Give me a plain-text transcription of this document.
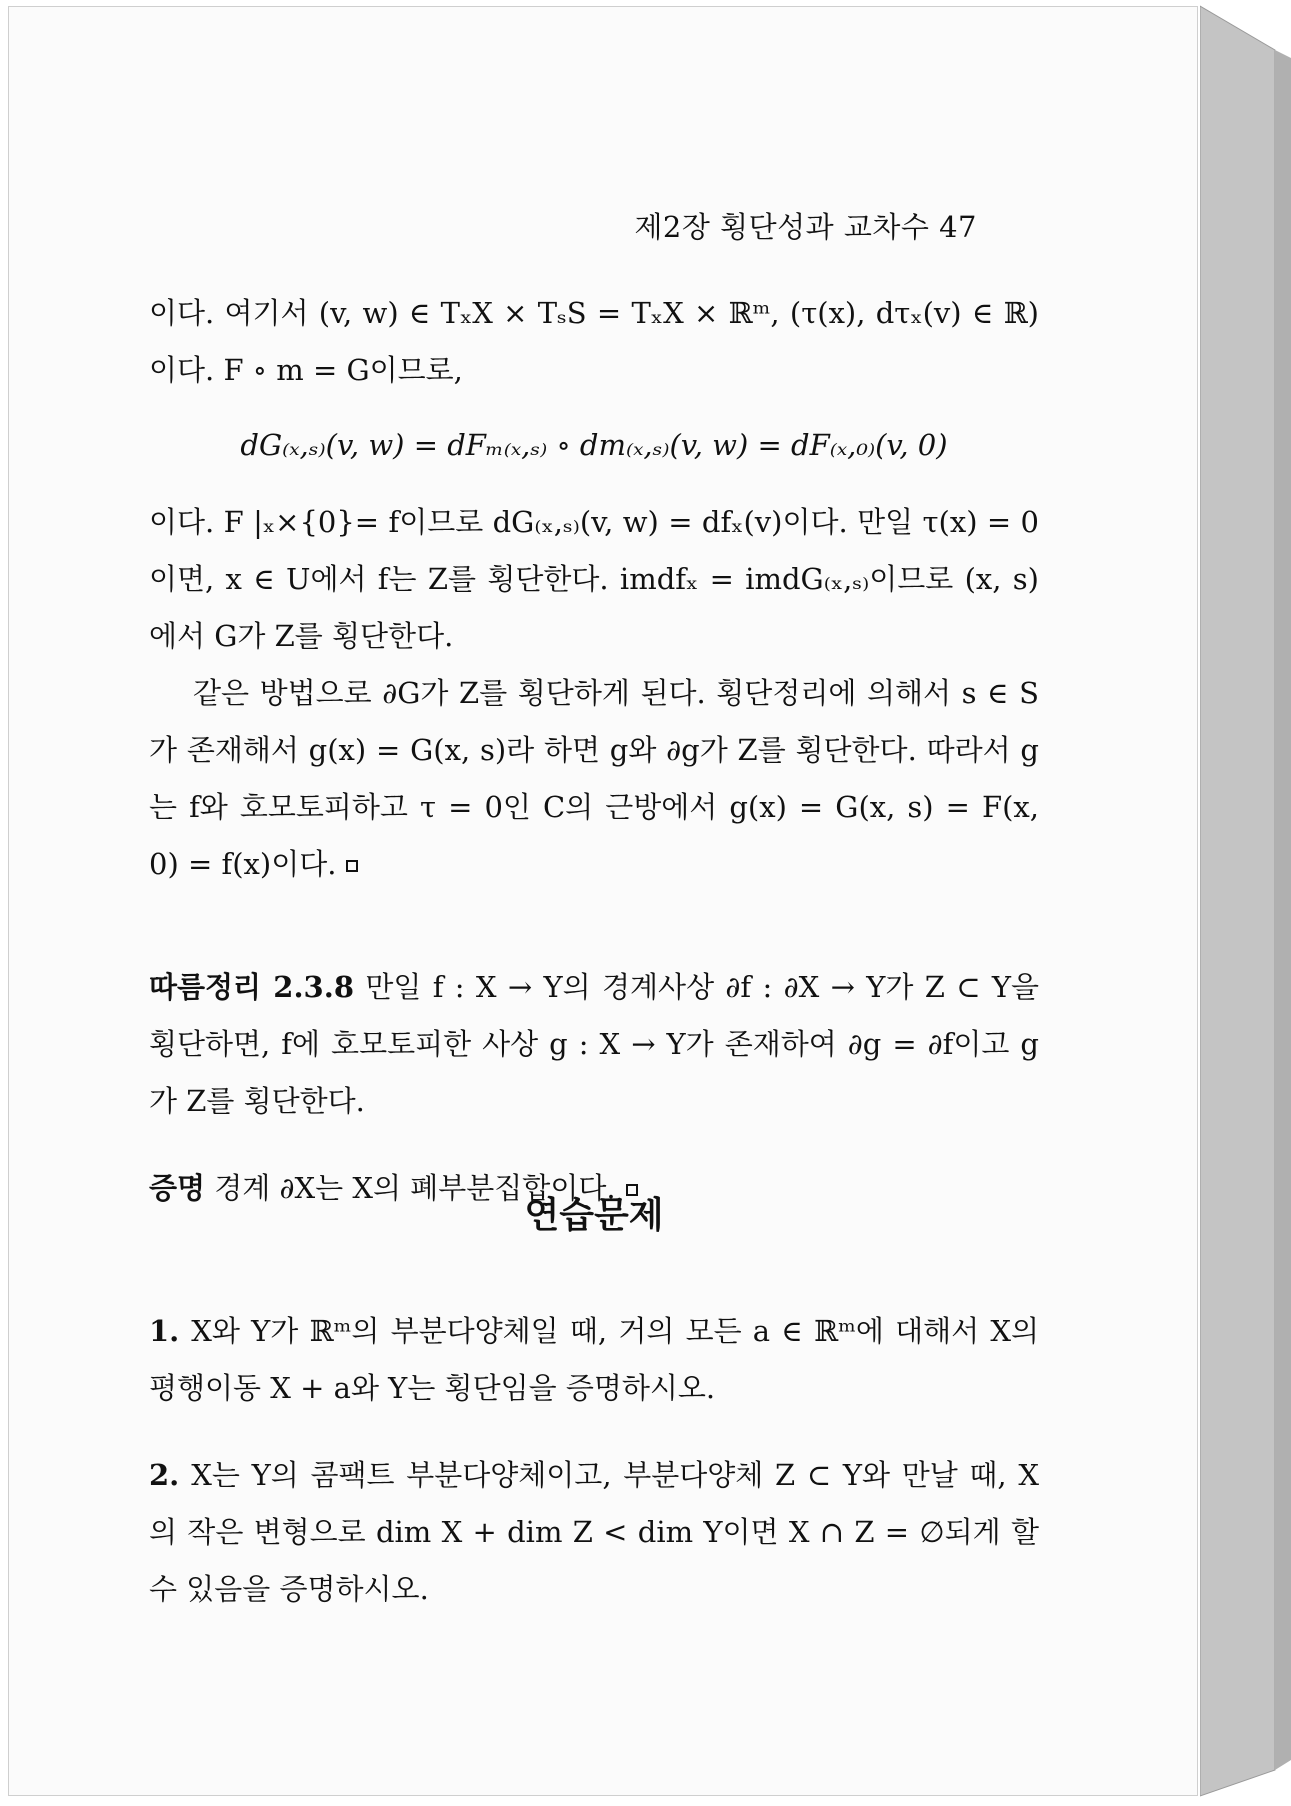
제2장 횡단성과 교차수 47

이다. 여기서 (v, w) ∈ TₓX × TₛS = TₓX × ℝᵐ, (τ(x), dτₓ(v) ∈ ℝ)이다. F ∘ m = G이므로,

dG₍ₓ,ₛ₎(v, w) = dFₘ₍ₓ,ₛ₎ ∘ dm₍ₓ,ₛ₎(v, w) = dF₍ₓ,₀₎(v, 0)

이다. F |ₓ×{0}= f이므로 dG₍ₓ,ₛ₎(v, w) = dfₓ(v)이다. 만일 τ(x) = 0이면, x ∈ U에서 f는 Z를 횡단한다. imdfₓ = imdG₍ₓ,ₛ₎이므로 (x, s)에서 G가 Z를 횡단한다.

같은 방법으로 ∂G가 Z를 횡단하게 된다. 횡단정리에 의해서 s ∈ S가 존재해서 g(x) = G(x, s)라 하면 g와 ∂g가 Z를 횡단한다. 따라서 g는 f와 호모토피하고 τ = 0인 C의 근방에서 g(x) = G(x, s) = F(x, 0) = f(x)이다.

따름정리 2.3.8 만일 f : X → Y의 경계사상 ∂f : ∂X → Y가 Z ⊂ Y을 횡단하면, f에 호모토피한 사상 g : X → Y가 존재하여 ∂g = ∂f이고 g가 Z를 횡단한다.

증명 경계 ∂X는 X의 폐부분집합이다.

연습문제

1. X와 Y가 ℝᵐ의 부분다양체일 때, 거의 모든 a ∈ ℝᵐ에 대해서 X의 평행이동 X + a와 Y는 횡단임을 증명하시오.

2. X는 Y의 콤팩트 부분다양체이고, 부분다양체 Z ⊂ Y와 만날 때, X의 작은 변형으로 dim X + dim Z < dim Y이면 X ∩ Z = ∅되게 할 수 있음을 증명하시오.
